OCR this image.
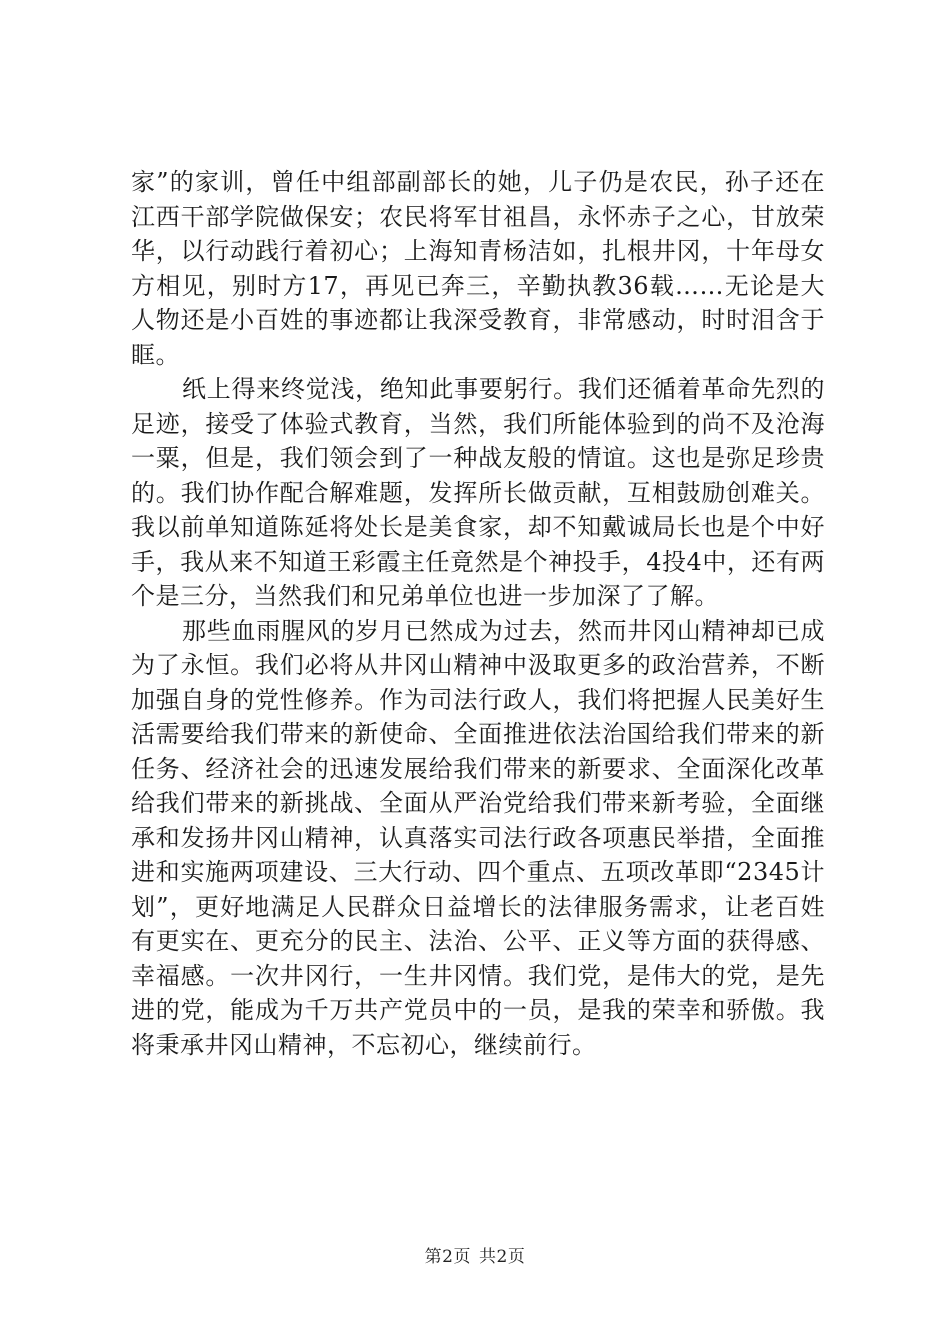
家”的家训，曾任中组部副部长的她，儿子仍是农民，孙子还在江西干部学院做保安；农民将军甘祖昌，永怀赤子之心，甘放荣华，以行动践行着初心；上海知青杨洁如，扎根井冈，十年母女方相见，别时方17，再见已奔三，辛勤执教36载……无论是大人物还是小百姓的事迹都让我深受教育，非常感动，时时泪含于眶。

纸上得来终觉浅，绝知此事要躬行。我们还循着革命先烈的足迹，接受了体验式教育，当然，我们所能体验到的尚不及沧海一粟，但是，我们领会到了一种战友般的情谊。这也是弥足珍贵的。我们协作配合解难题，发挥所长做贡献，互相鼓励创难关。我以前单知道陈延将处长是美食家，却不知戴诚局长也是个中好手，我从来不知道王彩霞主任竟然是个神投手，4投4中，还有两个是三分，当然我们和兄弟单位也进一步加深了了解。

那些血雨腥风的岁月已然成为过去，然而井冈山精神却已成为了永恒。我们必将从井冈山精神中汲取更多的政治营养，不断加强自身的党性修养。作为司法行政人，我们将把握人民美好生活需要给我们带来的新使命、全面推进依法治国给我们带来的新任务、经济社会的迅速发展给我们带来的新要求、全面深化改革给我们带来的新挑战、全面从严治党给我们带来新考验，全面继承和发扬井冈山精神，认真落实司法行政各项惠民举措，全面推进和实施两项建设、三大行动、四个重点、五项改革即“2345计划”，更好地满足人民群众日益增长的法律服务需求，让老百姓有更实在、更充分的民主、法治、公平、正义等方面的获得感、幸福感。一次井冈行，一生井冈情。我们党，是伟大的党，是先进的党，能成为千万共产党员中的一员，是我的荣幸和骄傲。我将秉承井冈山精神，不忘初心，继续前行。

第2页 共2页
